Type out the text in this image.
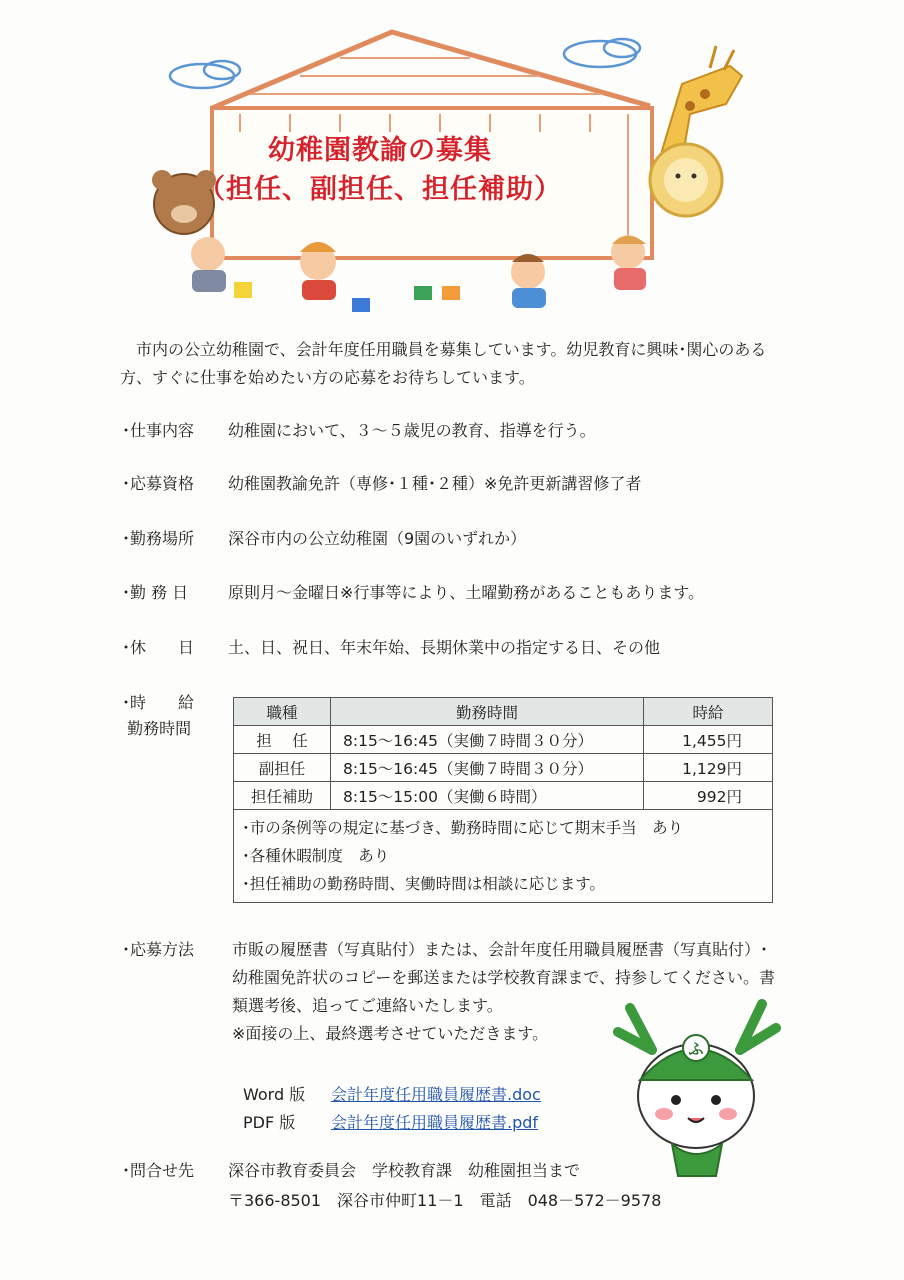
幼稚園教諭の募集
（担任、副担任、担任補助）
市内の公立幼稚園で、会計年度任用職員を募集しています。幼児教育に興味･関心のある方、すぐに仕事を始めたい方の応募をお待ちしています。
･仕事内容 幼稚園において、３～５歳児の教育、指導を行う。
･応募資格 幼稚園教諭免許（専修･１種･２種）※免許更新講習修了者
･勤務場所 深谷市内の公立幼稚園（9園のいずれか）
･勤 務 日 原則月～金曜日※行事等により、土曜勤務があることもあります。
･休　　日 土、日、祝日、年末年始、長期休業中の指定する日、その他
･時　　給
勤務時間
職種	勤務時間	時給
担　 任	8:15～16:45（実働７時間３０分）	1,455円
副担任	8:15～16:45（実働７時間３０分）	1,129円
担任補助	8:15～15:00（実働６時間）	992円

･市の条例等の規定に基づき、勤務時間に応じて期末手当　あり
･各種休暇制度　あり
･担任補助の勤務時間、実働時間は相談に応じます。		
･応募方法 市販の履歴書（写真貼付）または、会計年度任用職員履歴書（写真貼付）･幼稚園免許状のコピーを郵送または学校教育課まで、持参してください。書類選考後、追ってご連絡いたします。
※面接の上、最終選考させていただきます。
Word 版 会計年度任用職員履歴書.doc
PDF 版 会計年度任用職員履歴書.pdf
ふ
･問合せ先 深谷市教育委員会　学校教育課　幼稚園担当まで
〒366-8501　深谷市仲町11－1　電話　048－572－9578
